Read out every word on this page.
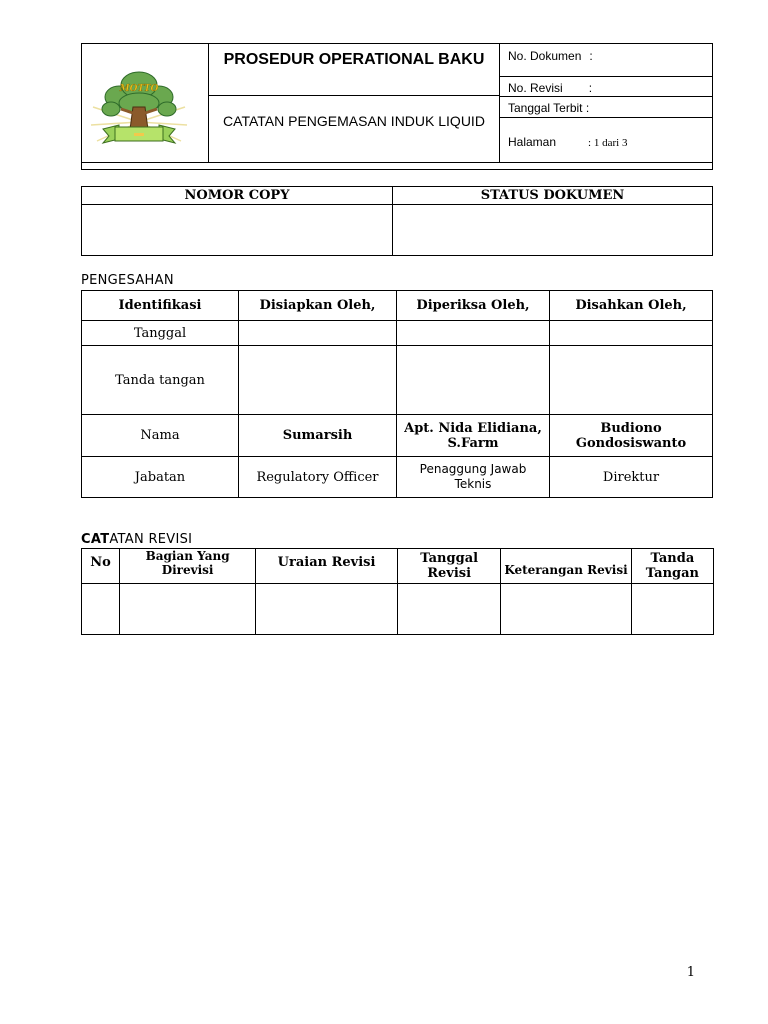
MOTTO
PROSEDUR OPERATIONAL BAKU
CATATAN PENGEMASAN INDUK LIQUID
No. Dokumen :
No. Revisi :
Tanggal Terbit :
Halaman	: 1 dari 3
NOMOR COPY	STATUS DOKUMEN

PENGESAHAN
Identifikasi	Disiapkan Oleh,	Diperiksa Oleh,	Disahkan Oleh,
Tanggal			
Tanda tangan			
Nama	Sumarsih	Apt. Nida Elidiana, S.Farm	Budiono Gondosiswanto
Jabatan	Regulatory Officer	Penaggung Jawab Teknis	Direktur
CATATAN REVISI
No	Bagian Yang Direvisi	Uraian Revisi	Tanggal Revisi	Keterangan Revisi	Tanda Tangan

1
